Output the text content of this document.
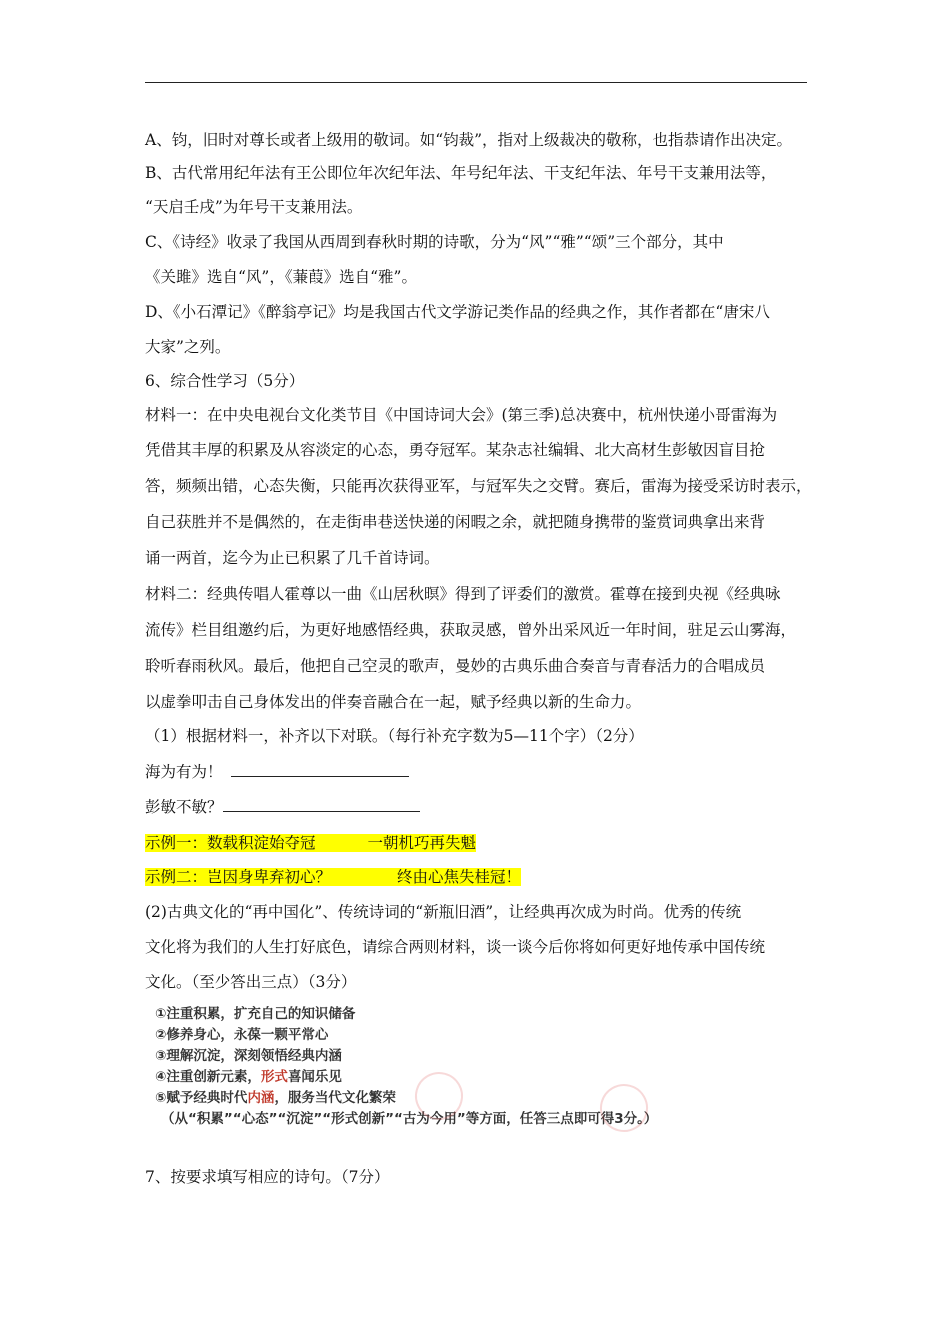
A、钧，旧时对尊长或者上级用的敬词。如“钧裁”，指对上级裁决的敬称，也指恭请作出决定。
B、古代常用纪年法有王公即位年次纪年法、年号纪年法、干支纪年法、年号干支兼用法等，
“天启壬戌”为年号干支兼用法。
C、《诗经》收录了我国从西周到春秋时期的诗歌，分为“风”“雅”“颂”三个部分，其中
《关雎》选自“风”，《蒹葭》选自“雅”。
D、《小石潭记》《醉翁亭记》均是我国古代文学游记类作品的经典之作，其作者都在“唐宋八
大家”之列。
6、综合性学习（5分）
材料一：在中央电视台文化类节目《中国诗词大会》(第三季)总决赛中，杭州快递小哥雷海为
凭借其丰厚的积累及从容淡定的心态，勇夺冠军。某杂志社编辑、北大高材生彭敏因盲目抢
答，频频出错，心态失衡，只能再次获得亚军，与冠军失之交臂。赛后，雷海为接受采访时表示，
自己获胜并不是偶然的，在走街串巷送快递的闲暇之余，就把随身携带的鉴赏词典拿出来背
诵一两首，迄今为止已积累了几千首诗词。
材料二：经典传唱人霍尊以一曲《山居秋暝》得到了评委们的激赏。霍尊在接到央视《经典咏
流传》栏目组邀约后，为更好地感悟经典，获取灵感，曾外出采风近一年时间，驻足云山雾海，
聆听春雨秋风。最后，他把自己空灵的歌声，曼妙的古典乐曲合奏音与青春活力的合唱成员
以虚拳叩击自己身体发出的伴奏音融合在一起，赋予经典以新的生命力。
（1）根据材料一，补齐以下对联。（每行补充字数为5—11个字）（2分）
海为有为！
彭敏不敏？
示例一：数载积淀始夺冠	一朝机巧再失魁
示例二：岂因身卑弃初心？	终由心焦失桂冠！
(2)古典文化的“再中国化”、传统诗词的“新瓶旧酒”，让经典再次成为时尚。优秀的传统
文化将为我们的人生打好底色，请综合两则材料，谈一谈今后你将如何更好地传承中国传统
文化。（至少答出三点）（3分）
①注重积累，扩充自己的知识储备
②修养身心，永葆一颗平常心
③理解沉淀，深刻领悟经典内涵
④注重创新元素，形式喜闻乐见
⑤赋予经典时代内涵，服务当代文化繁荣
（从“积累”“心态”“沉淀”“形式创新”“古为今用”等方面，任答三点即可得3分。）
7、按要求填写相应的诗句。（7分）
